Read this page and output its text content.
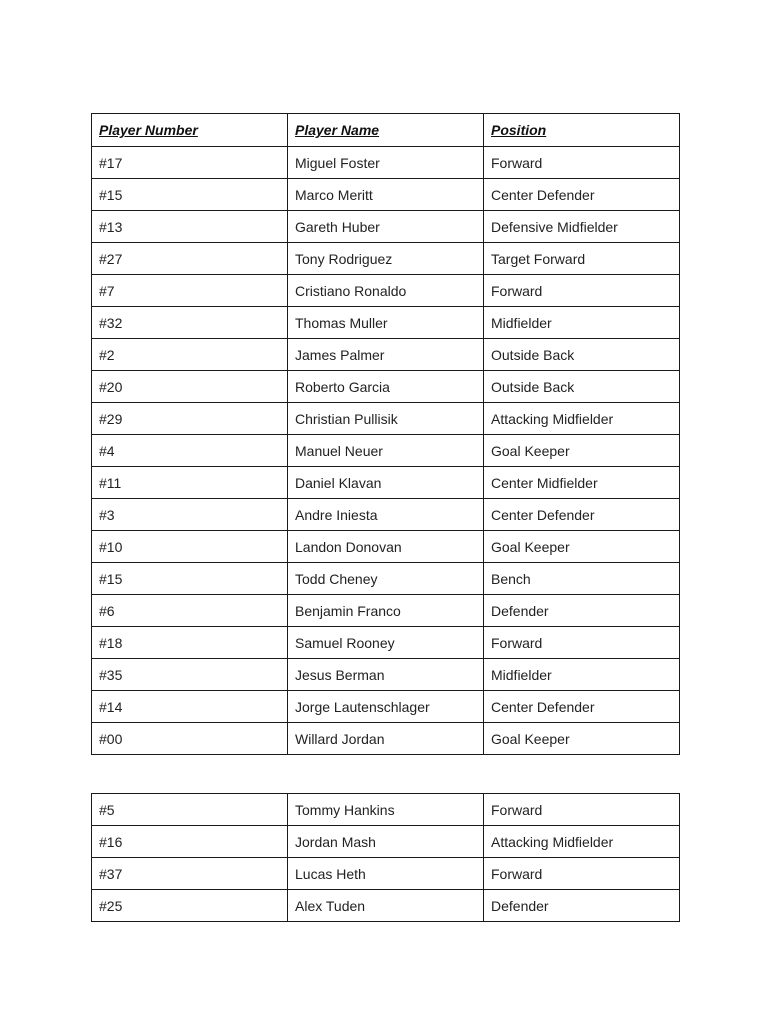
Player Number	Player Name	Position
#17	Miguel Foster	Forward
#15	Marco Meritt	Center Defender
#13	Gareth Huber	Defensive Midfielder
#27	Tony Rodriguez	Target Forward
#7	Cristiano Ronaldo	Forward
#32	Thomas Muller	Midfielder
#2	James Palmer	Outside Back
#20	Roberto Garcia	Outside Back
#29	Christian Pullisik	Attacking Midfielder
#4	Manuel Neuer	Goal Keeper
#11	Daniel Klavan	Center Midfielder
#3	Andre Iniesta	Center Defender
#10	Landon Donovan	Goal Keeper
#15	Todd Cheney	Bench
#6	Benjamin Franco	Defender
#18	Samuel Rooney	Forward
#35	Jesus Berman	Midfielder
#14	Jorge Lautenschlager	Center Defender
#00	Willard Jordan	Goal Keeper
#5	Tommy Hankins	Forward
#16	Jordan Mash	Attacking Midfielder
#37	Lucas Heth	Forward
#25	Alex Tuden	Defender
